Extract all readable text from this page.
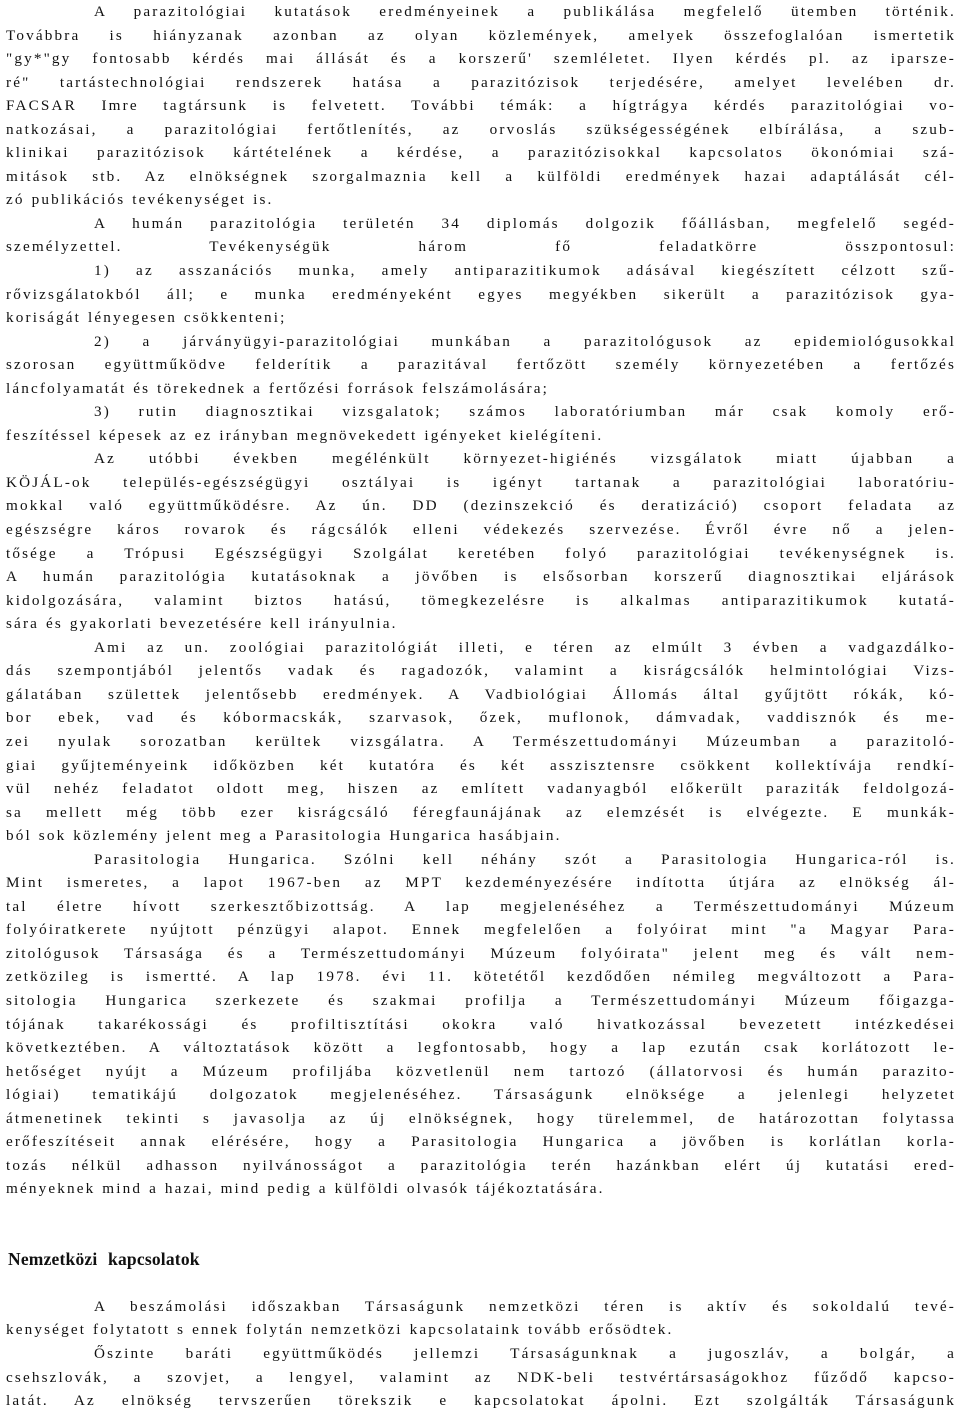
A parazitológiai kutatások eredményeinek a publikálása megfelelő ütemben történik.
Továbbra is hiányzanak azonban az olyan közlemények, amelyek összefoglalóan ismertetik
"gy*"gy fontosabb kérdés mai állását és a korszerű' szemléletet. Ilyen kérdés pl. az iparsze-
ré" tartástechnológiai rendszerek hatása a parazitózisok terjedésére, amelyet levelében dr.
FACSAR Imre tagtársunk is felvetett. További témák: a hígtrágya kérdés parazitológiai vo-
natkozásai, a parazitológiai fertőtlenítés, az orvoslás szükségességének elbírálása, a szub-
klinikai parazitózisok kártételének a kérdése, a parazitózisokkal kapcsolatos ökonómiai szá-
mitások stb. Az elnökségnek szorgalmaznia kell a külföldi eredmények hazai adaptálását cél-
zó publikációs tevékenységet is.
A humán parazitológia területén 34 diplomás dolgozik főállásban, megfelelő segéd-
személyzettel. Tevékenységük három fő feladatkörre összpontosul:
1) az asszanációs munka, amely antiparazitikumok adásával kiegészített célzott szű-
rővizsgálatokból áll; e munka eredményeként egyes megyékben sikerült a parazitózisok gya-
koriságát lényegesen csökkenteni;
2) a járványügyi-parazitológiai munkában a parazitológusok az epidemiológusokkal
szorosan együttműködve felderítik a parazitával fertőzött személy környezetében a fertőzés
láncfolyamatát és törekednek a fertőzési források felszámolására;
3) rutin diagnosztikai vizsgalatok; számos laboratóriumban már csak komoly erő-
feszítéssel képesek az ez irányban megnövekedett igényeket kielégíteni.
Az utóbbi években megélénkült környezet-higiénés vizsgálatok miatt újabban a
KÖJÁL-ok település-egészségügyi osztályai is igényt tartanak a parazitológiai laboratóriu-
mokkal való együttműködésre. Az ún. DD (dezinszekció és deratizáció) csoport feladata az
egészségre káros rovarok és rágcsálók elleni védekezés szervezése. Évről évre nő a jelen-
tősége a Trópusi Egészségügyi Szolgálat keretében folyó parazitológiai tevékenységnek is.
A humán parazitológia kutatásoknak a jövőben is elsősorban korszerű diagnosztikai eljárások
kidolgozására, valamint biztos hatású, tömegkezelésre is alkalmas antiparazitikumok kutatá-
sára és gyakorlati bevezetésére kell irányulnia.
Ami az un. zoológiai parazitológiát illeti, e téren az elmúlt 3 évben a vadgazdálko-
dás szempontjából jelentős vadak és ragadozók, valamint a kisrágcsálók helmintológiai Vizs-
gálatában születtek jelentősebb eredmények. A Vadbiológiai Állomás által gyűjtött rókák, kó-
bor ebek, vad és kóbormacskák, szarvasok, őzek, muflonok, dámvadak, vaddisznók és me-
zei nyulak sorozatban kerültek vizsgálatra. A Természettudományi Múzeumban a parazitoló-
giai gyűjteményeink időközben két kutatóra és két asszisztensre csökkent kollektívája rendkí-
vül nehéz feladatot oldott meg, hiszen az említett vadanyagból előkerült paraziták feldolgozá-
sa mellett még több ezer kisrágcsáló féregfaunájának az elemzését is elvégezte. E munkák-
ból sok közlemény jelent meg a Parasitologia Hungarica hasábjain.
Parasitologia Hungarica. Szólni kell néhány szót a Parasitologia Hungarica-ról is.
Mint ismeretes, a lapot 1967-ben az MPT kezdeményezésére indította útjára az elnökség ál-
tal életre hívott szerkesztőbizottság. A lap megjelenéséhez a Természettudományi Múzeum
folyóiratkerete nyújtott pénzügyi alapot. Ennek megfelelően a folyóirat mint "a Magyar Para-
zitológusok Társasága és a Természettudományi Múzeum folyóirata" jelent meg és vált nem-
zetközileg is ismertté. A lap 1978. évi 11. kötetétől kezdődően némileg megváltozott a Para-
sitologia Hungarica szerkezete és szakmai profilja a Természettudományi Múzeum főigazga-
tójának takarékossági és profiltisztítási okokra való hivatkozással bevezetett intézkedései
következtében. A változtatások között a legfontosabb, hogy a lap ezután csak korlátozott le-
hetőséget nyújt a Múzeum profiljába közvetlenül nem tartozó (állatorvosi és humán parazito-
lógiai) tematikájú dolgozatok megjelenéséhez. Társaságunk elnöksége a jelenlegi helyzetet
átmenetinek tekinti s javasolja az új elnökségnek, hogy türelemmel, de határozottan folytassa
erőfeszítéseit annak elérésére, hogy a Parasitologia Hungarica a jövőben is korlátlan korla-
tozás nélkül adhasson nyilvánosságot a parazitológia terén hazánkban elért új kutatási ered-
ményeknek mind a hazai, mind pedig a külföldi olvasók tájékoztatására.
Nemzetközi kapcsolatok
A beszámolási időszakban Társaságunk nemzetközi téren is aktív és sokoldalú tevé-
kenységet folytatott s ennek folytán nemzetközi kapcsolataink tovább erősödtek.
Őszinte baráti együttműködés jellemzi Társaságunknak a jugoszláv, a bolgár, a
csehszlovák, a szovjet, a lengyel, valamint az NDK-beli testvértársaságokhoz fűződő kapcso-
latát. Az elnökség tervszerűen törekszik e kapcsolatokat ápolni. Ezt szolgálták Társaságunk
